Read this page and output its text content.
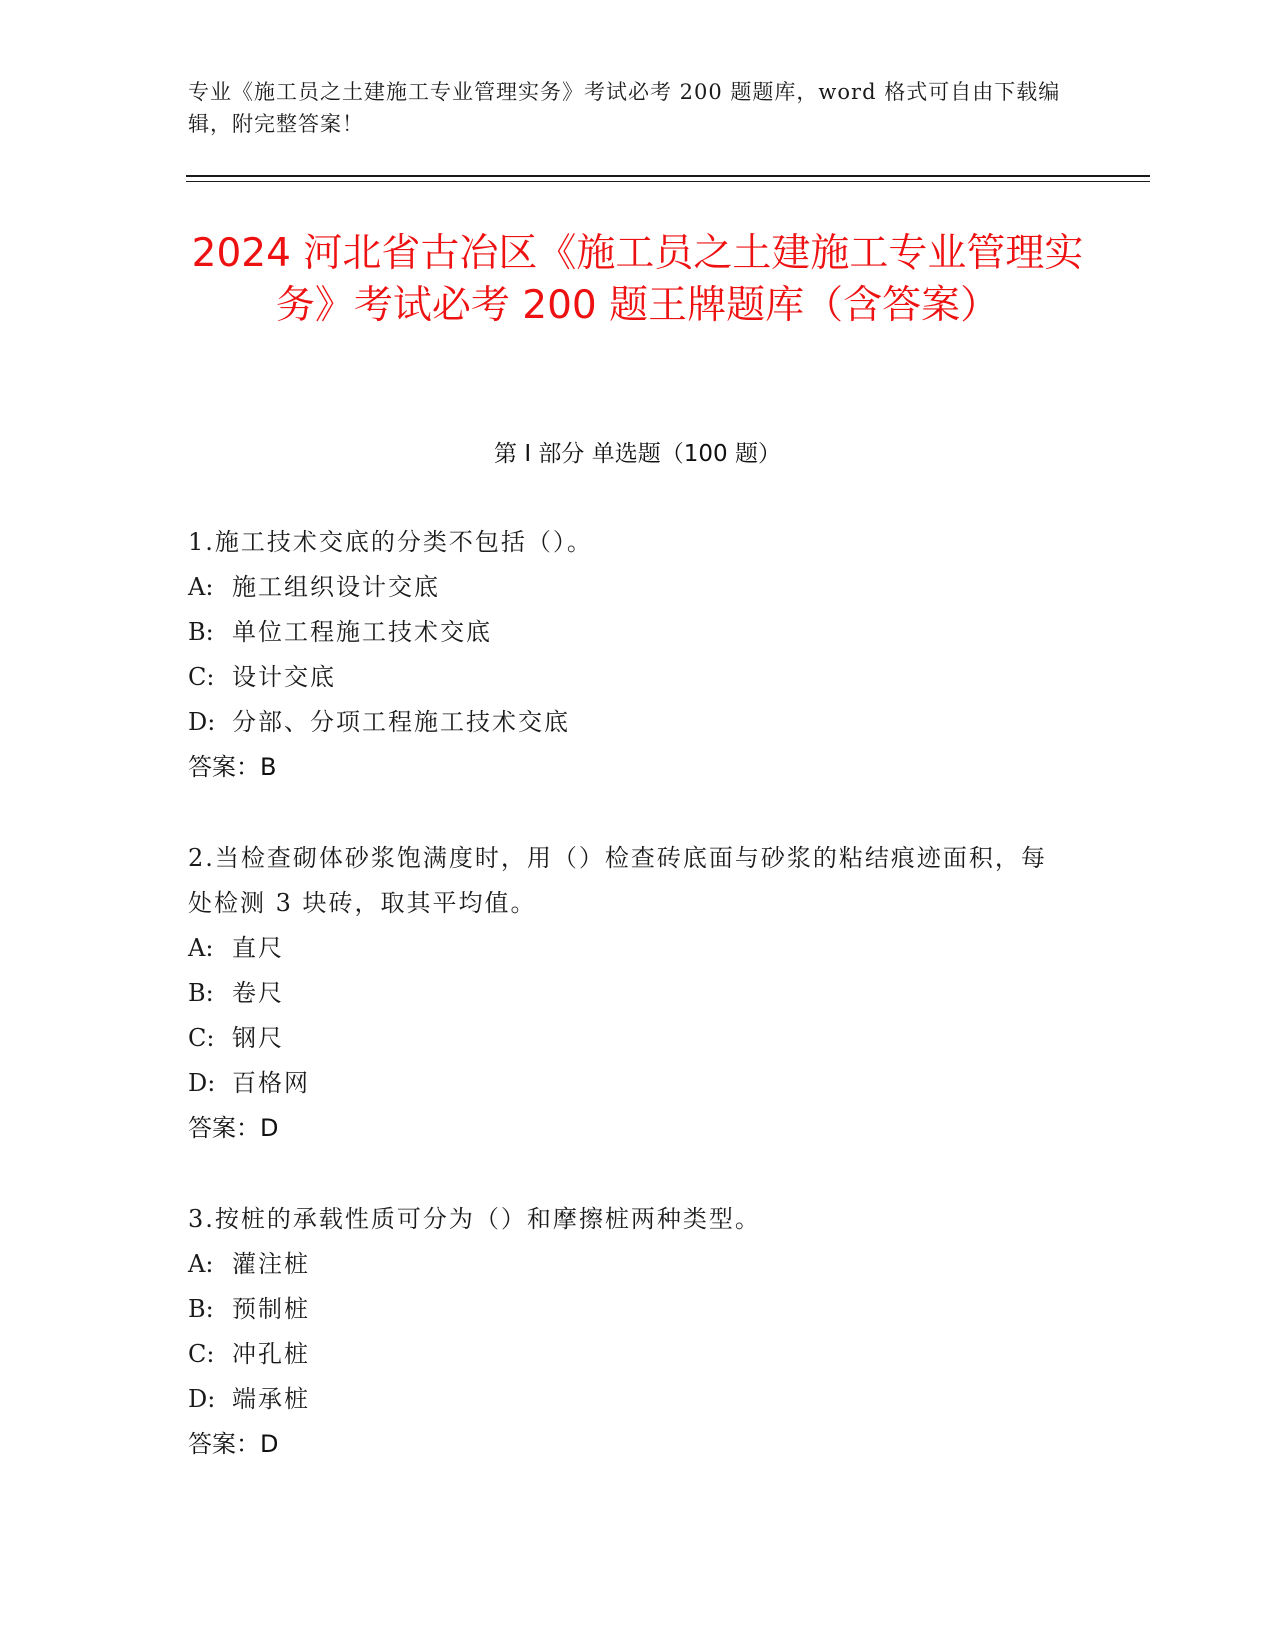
专业《施工员之土建施工专业管理实务》考试必考 200 题题库，word 格式可自由下载编辑，附完整答案！
2024 河北省古冶区《施工员之土建施工专业管理实务》考试必考 200 题王牌题库（含答案）
第 I 部分 单选题（100 题）
1.施工技术交底的分类不包括（）。
A: 施工组织设计交底
B: 单位工程施工技术交底
C: 设计交底
D: 分部、分项工程施工技术交底
答案：B
2.当检查砌体砂浆饱满度时，用（）检查砖底面与砂浆的粘结痕迹面积，每处检测 3 块砖，取其平均值。
A: 直尺
B: 卷尺
C: 钢尺
D: 百格网
答案：D
3.按桩的承载性质可分为（）和摩擦桩两种类型。
A: 灌注桩
B: 预制桩
C: 冲孔桩
D: 端承桩
答案：D
